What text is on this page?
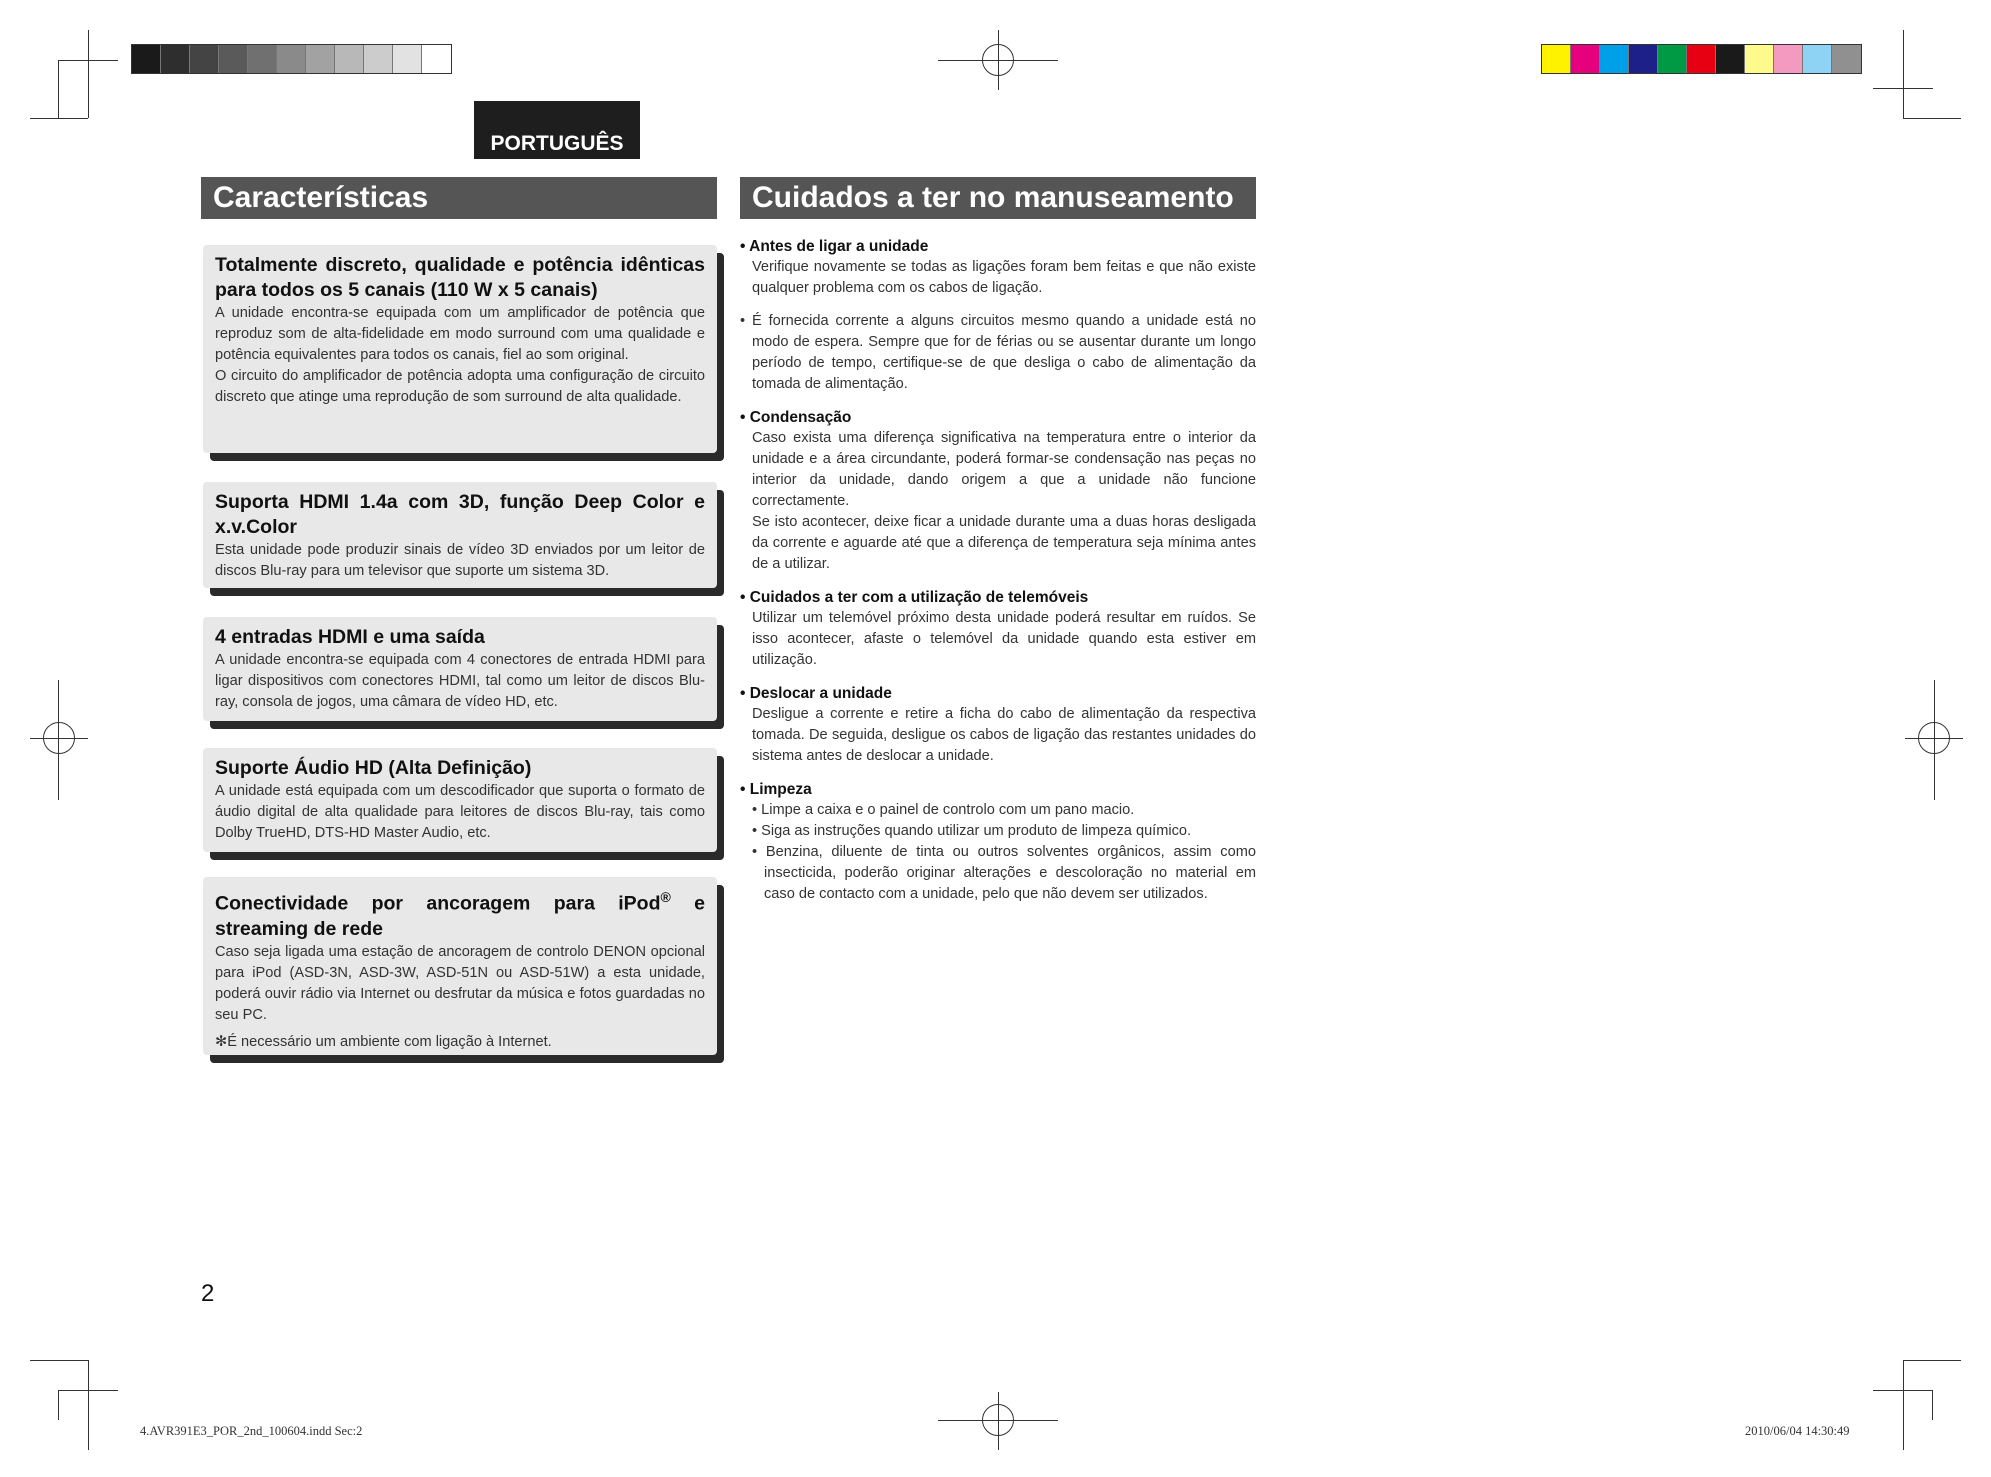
PORTUGUÊS
Características
Totalmente discreto, qualidade e potência idênticas para todos os 5 canais (110 W x 5 canais)

A unidade encontra-se equipada com um amplificador de potência que reproduz som de alta-fidelidade em modo surround com uma qualidade e potência equivalentes para todos os canais, fiel ao som original.

O circuito do amplificador de potência adopta uma configuração de circuito discreto que atinge uma reprodução de som surround de alta qualidade.

Suporta HDMI 1.4a com 3D, função Deep Color e x.v.Color

Esta unidade pode produzir sinais de vídeo 3D enviados por um leitor de discos Blu-ray para um televisor que suporte um sistema 3D.

4 entradas HDMI e uma saída

A unidade encontra-se equipada com 4 conectores de entrada HDMI para ligar dispositivos com conectores HDMI, tal como um leitor de discos Blu-ray, consola de jogos, uma câmara de vídeo HD, etc.

Suporte Áudio HD (Alta Definição)

A unidade está equipada com um descodificador que suporta o formato de áudio digital de alta qualidade para leitores de discos Blu-ray, tais como Dolby TrueHD, DTS-HD Master Audio, etc.

Conectividade por ancoragem para iPod® e streaming de rede

Caso seja ligada uma estação de ancoragem de controlo DENON opcional para iPod (ASD-3N, ASD-3W, ASD-51N ou ASD-51W) a esta unidade, poderá ouvir rádio via Internet ou desfrutar da música e fotos guardadas no seu PC.

✻É necessário um ambiente com ligação à Internet.

Cuidados a ter no manuseamento
• Antes de ligar a unidade
Verifique novamente se todas as ligações foram bem feitas e que não existe qualquer problema com os cabos de ligação.
• É fornecida corrente a alguns circuitos mesmo quando a unidade está no modo de espera. Sempre que for de férias ou se ausentar durante um longo período de tempo, certifique-se de que desliga o cabo de alimentação da tomada de alimentação.
• Condensação
Caso exista uma diferença significativa na temperatura entre o interior da unidade e a área circundante, poderá formar-se condensação nas peças no interior da unidade, dando origem a que a unidade não funcione correctamente.
Se isto acontecer, deixe ficar a unidade durante uma a duas horas desligada da corrente e aguarde até que a diferença de temperatura seja mínima antes de a utilizar.
• Cuidados a ter com a utilização de telemóveis
Utilizar um telemóvel próximo desta unidade poderá resultar em ruídos. Se isso acontecer, afaste o telemóvel da unidade quando esta estiver em utilização.
• Deslocar a unidade
Desligue a corrente e retire a ficha do cabo de alimentação da respectiva tomada. De seguida, desligue os cabos de ligação das restantes unidades do sistema antes de deslocar a unidade.
• Limpeza
• Limpe a caixa e o painel de controlo com um pano macio.
• Siga as instruções quando utilizar um produto de limpeza químico.
• Benzina, diluente de tinta ou outros solventes orgânicos, assim como insecticida, poderão originar alterações e descoloração no material em caso de contacto com a unidade, pelo que não devem ser utilizados.
2
4.AVR391E3_POR_2nd_100604.indd Sec:2	2010/06/04 14:30:49
